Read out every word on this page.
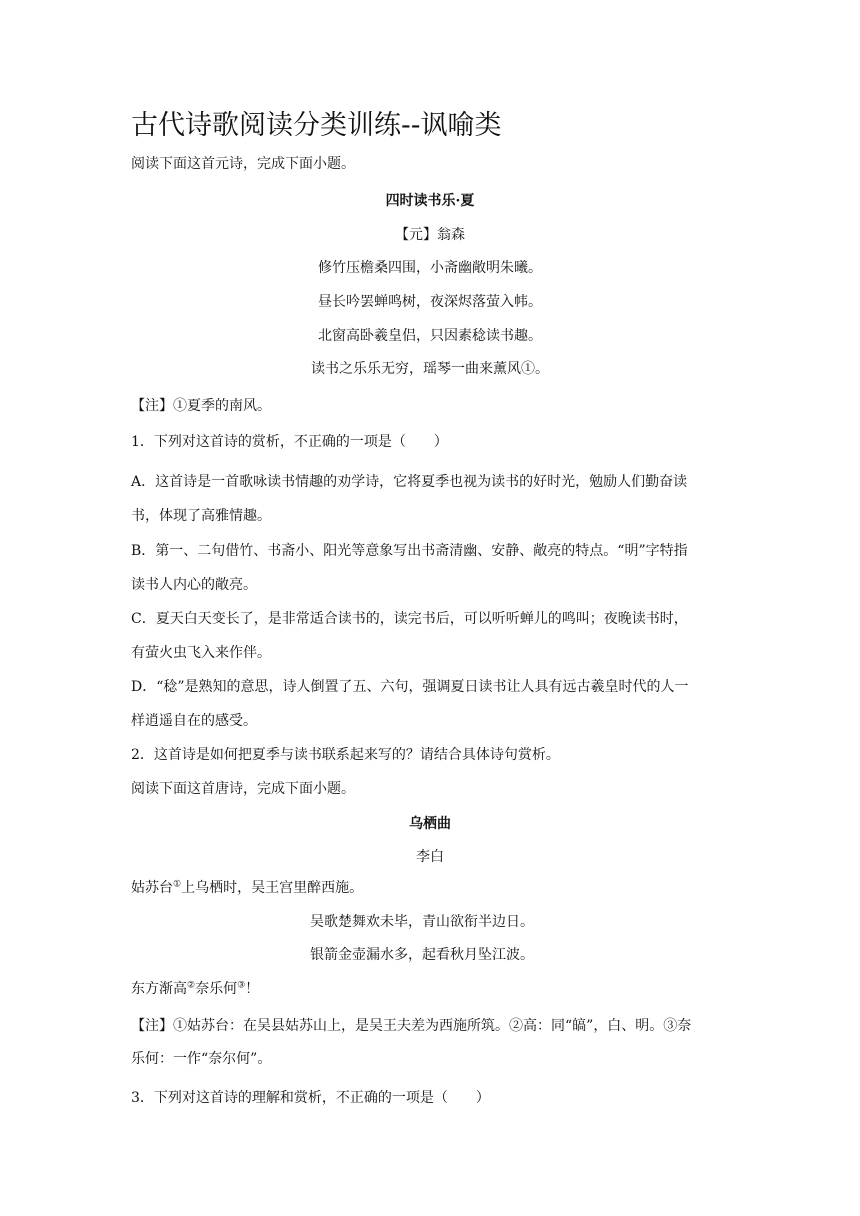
古代诗歌阅读分类训练--讽喻类
阅读下面这首元诗，完成下面小题。
四时读书乐·夏
【元】翁森
修竹压檐桑四围，小斋幽敞明朱曦。
昼长吟罢蝉鸣树，夜深烬落萤入帏。
北窗高卧羲皇侣，只因素稔读书趣。
读书之乐乐无穷，瑶琴一曲来薰风①。
【注】①夏季的南风。
1．下列对这首诗的赏析，不正确的一项是（　　）
A．这首诗是一首歌咏读书情趣的劝学诗，它将夏季也视为读书的好时光，勉励人们勤奋读
书，体现了高雅情趣。
B．第一、二句借竹、书斋小、阳光等意象写出书斋清幽、安静、敞亮的特点。“明”字特指
读书人内心的敞亮。
C．夏天白天变长了，是非常适合读书的，读完书后，可以听听蝉儿的鸣叫；夜晚读书时，
有萤火虫飞入来作伴。
D．“稔”是熟知的意思，诗人倒置了五、六句，强调夏日读书让人具有远古羲皇时代的人一
样逍遥自在的感受。
2．这首诗是如何把夏季与读书联系起来写的？请结合具体诗句赏析。
阅读下面这首唐诗，完成下面小题。
乌栖曲
李白
姑苏台①上乌栖时，吴王宫里醉西施。
吴歌楚舞欢未毕，青山欲衔半边日。
银箭金壶漏水多，起看秋月坠江波。
东方渐高②奈乐何③！
【注】①姑苏台：在吴县姑苏山上，是吴王夫差为西施所筑。②高：同“皜”，白、明。③奈
乐何：一作“奈尔何”。
3．下列对这首诗的理解和赏析，不正确的一项是（　　）
